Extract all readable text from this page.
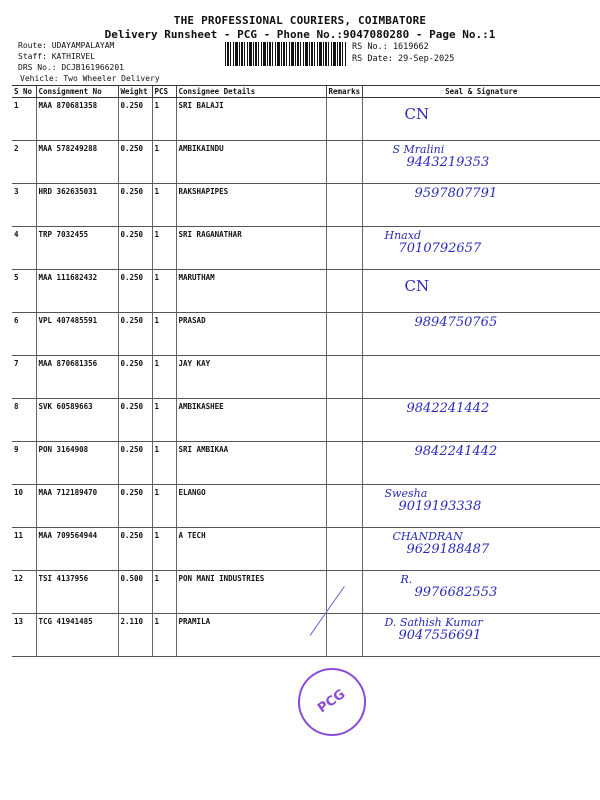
THE PROFESSIONAL COURIERS, COIMBATORE
Delivery Runsheet - PCG - Phone No.:9047080280 - Page No.:1
Route: UDAYAMPALAYAM
Staff: KATHIRVEL
DRS No.: DCJB161966201
Vehicle: Two Wheeler Delivery
RS No.: 1619662
RS Date: 29-Sep-2025
S No	Consignment No	Weight	PCS	Consignee Details	Remarks	Seal & Signature
1	MAA 870681358	0.250	1	SRI BALAJI		CN

2	MAA 578249288	0.250	1	AMBIKAINDU		S Mralini
9443219353

3	HRD 362635031	0.250	1	RAKSHAPIPES		9597807791

4	TRP 7032455	0.250	1	SRI RAGANATHAR		Hnaxd
7010792657

5	MAA 111682432	0.250	1	MARUTHAM		CN

6	VPL 407485591	0.250	1	PRASAD		9894750765

7	MAA 870681356	0.250	1	JAY KAY		

8	SVK 60589663	0.250	1	AMBIKASHEE		9842241442

9	PON 3164908	0.250	1	SRI AMBIKAA		9842241442

10	MAA 712189470	0.250	1	ELANGO		Swesha
9019193338

11	MAA 709564944	0.250	1	A TECH		CHANDRAN
9629188487

12	TSI 4137956	0.500	1	PON MANI INDUSTRIES		R.
9976682553

13	TCG 41941485	2.110	1	PRAMILA		D. Sathish Kumar
9047556691
PCG
